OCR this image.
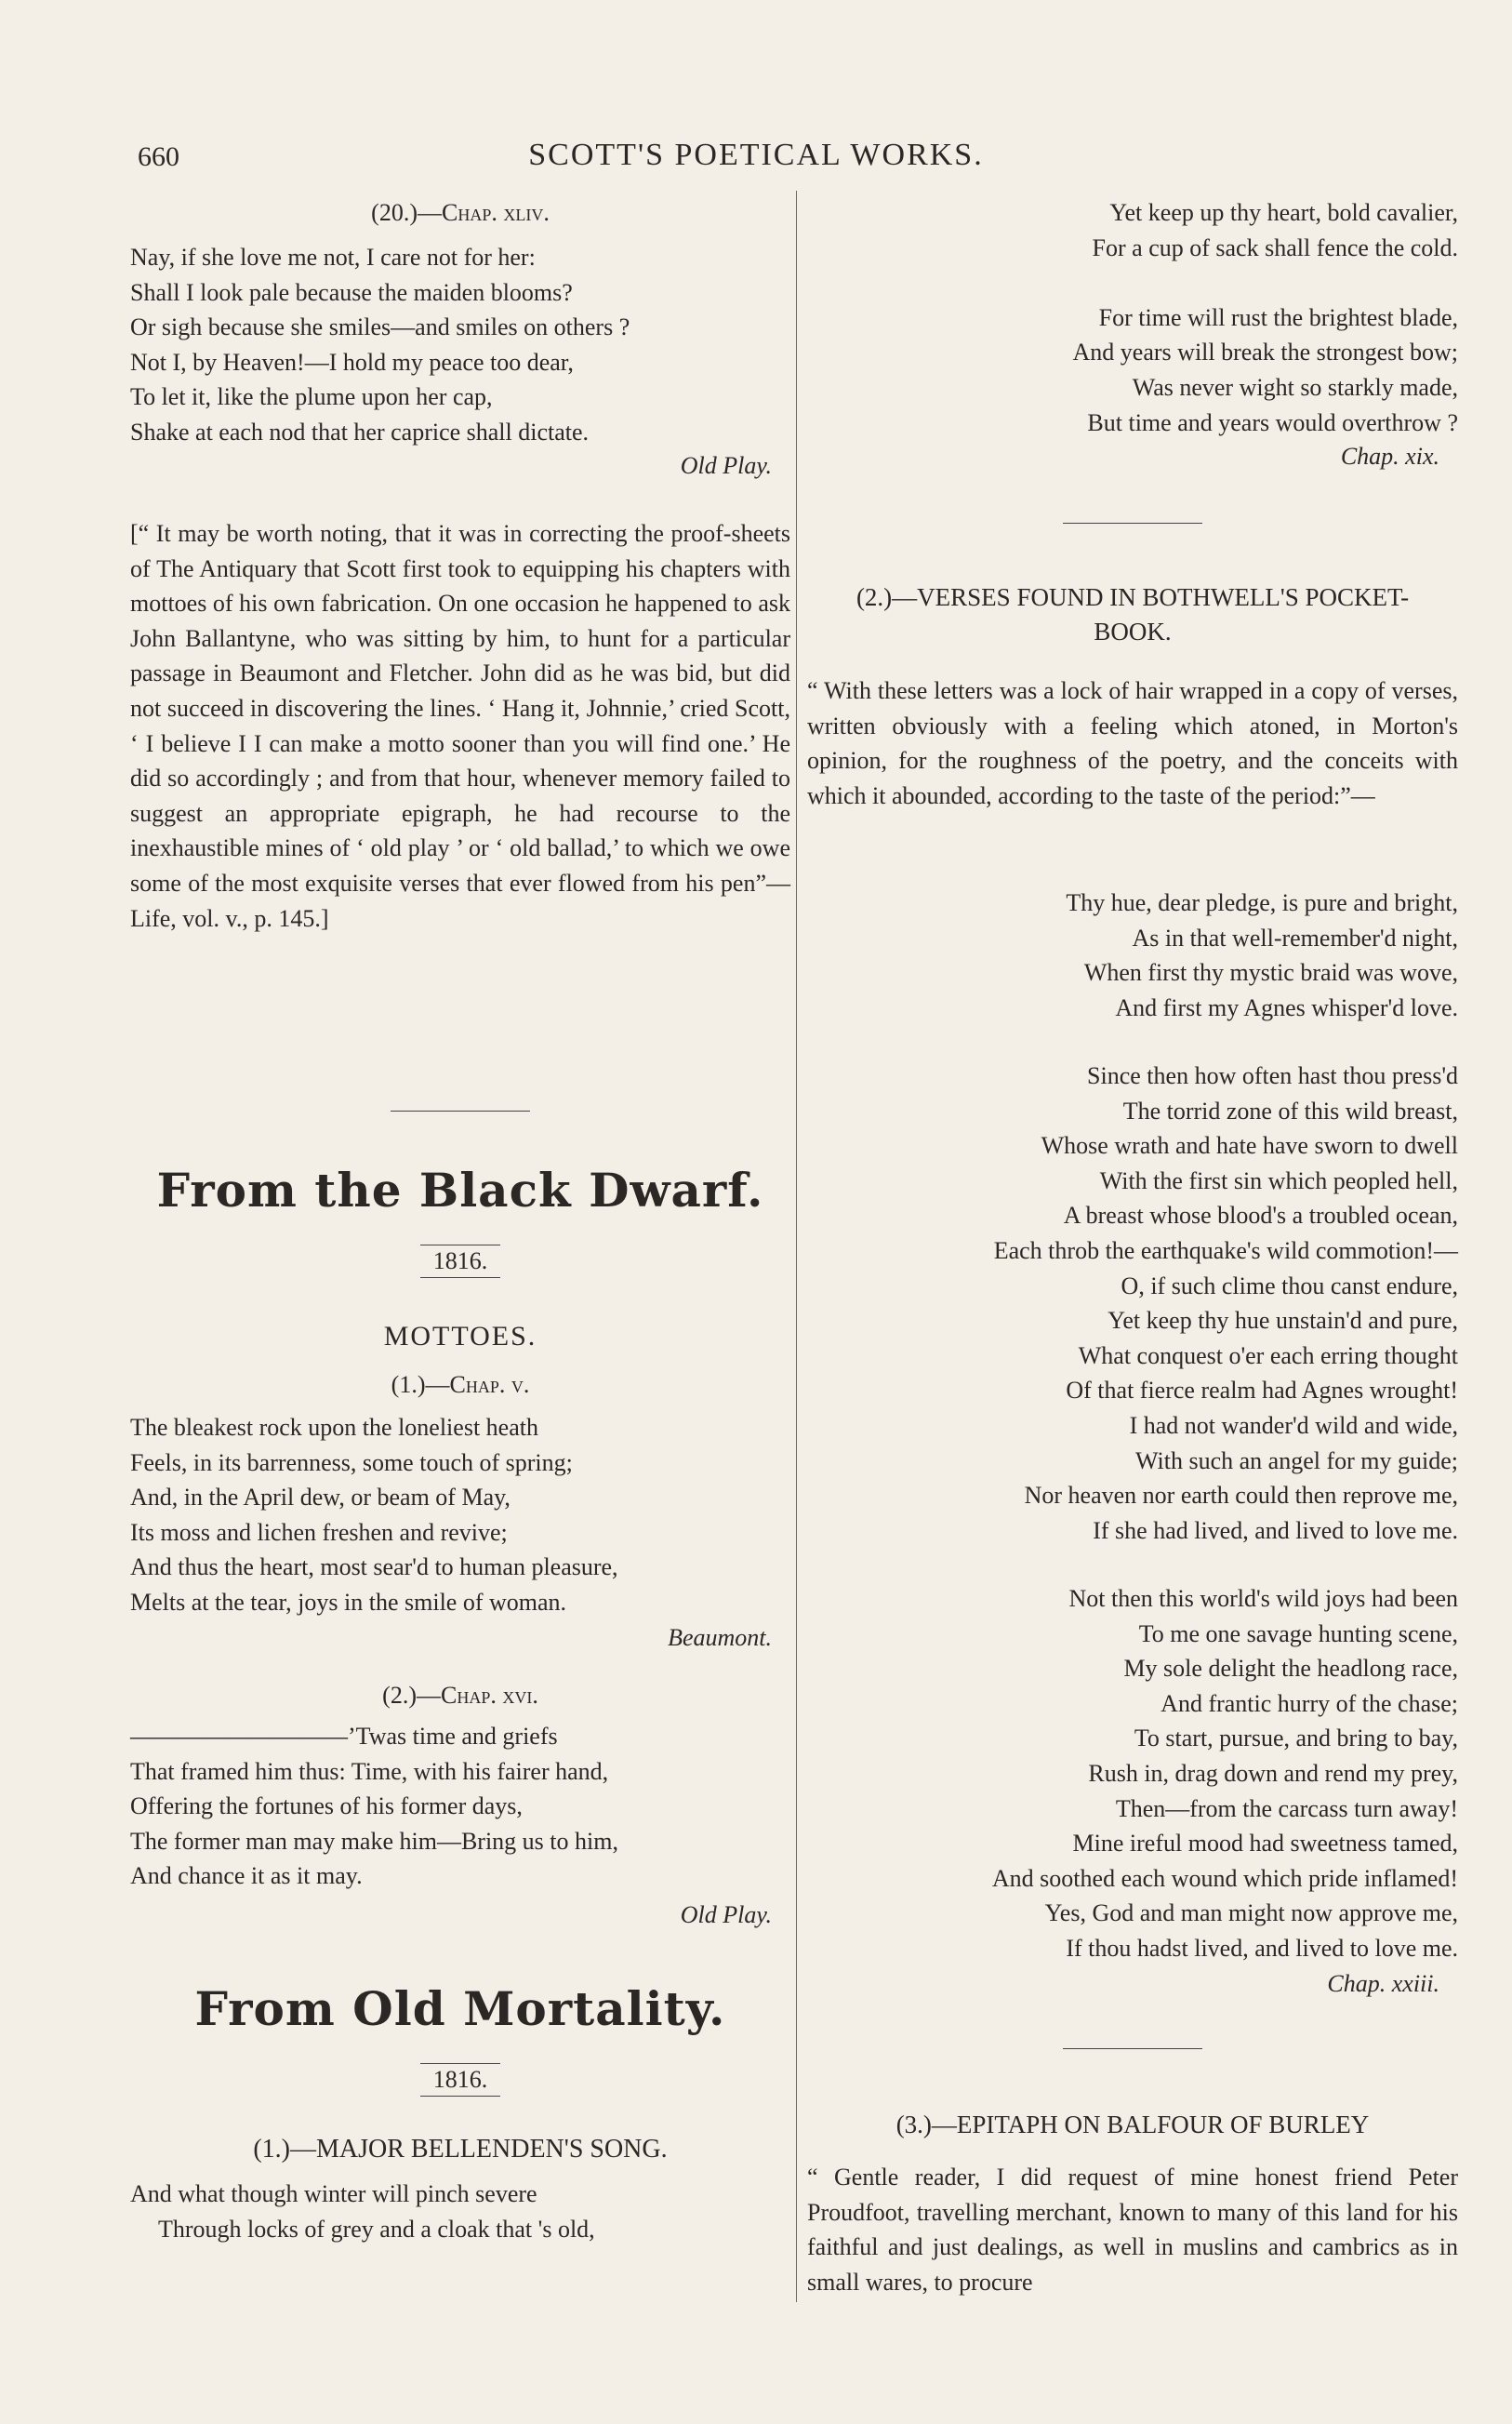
660	SCOTT'S POETICAL WORKS.
(20.)—Chap. xliv.
Nay, if she love me not, I care not for her:
Shall I look pale because the maiden blooms?
Or sigh because she smiles—and smiles on others ?
Not I, by Heaven!—I hold my peace too dear,
To let it, like the plume upon her cap,
Shake at each nod that her caprice shall dictate.
Old Play.
[“ It may be worth noting, that it was in correcting the proof-sheets of The Antiquary that Scott first took to equipping his chapters with mottoes of his own fabrication. On one occasion he happened to ask John Ballantyne, who was sitting by him, to hunt for a particular passage in Beaumont and Fletcher. John did as he was bid, but did not succeed in discovering the lines. ‘ Hang it, Johnnie,’ cried Scott, ‘ I believe I I can make a motto sooner than you will find one.’ He did so accordingly ; and from that hour, whenever memory failed to suggest an appropriate epigraph, he had recourse to the inexhaustible mines of ‘ old play ’ or ‘ old ballad,’ to which we owe some of the most exquisite verses that ever flowed from his pen”—Life, vol. v., p. 145.]
From the Black Dwarf.
1816.
MOTTOES.
(1.)—Chap. v.
The bleakest rock upon the loneliest heath
Feels, in its barrenness, some touch of spring;
And, in the April dew, or beam of May,
Its moss and lichen freshen and revive;
And thus the heart, most sear'd to human pleasure,
Melts at the tear, joys in the smile of woman.
Beaumont.
(2.)—Chap. xvi.
—————————’Twas time and griefs
That framed him thus: Time, with his fairer hand,
Offering the fortunes of his former days,
The former man may make him—Bring us to him,
And chance it as it may.
Old Play.
From Old Mortality.
1816.
(1.)—MAJOR BELLENDEN'S SONG.
And what though winter will pinch severe
Through locks of grey and a cloak that 's old,
Yet keep up thy heart, bold cavalier,
For a cup of sack shall fence the cold.
For time will rust the brightest blade,
And years will break the strongest bow;
Was never wight so starkly made,
But time and years would overthrow ?
Chap. xix.
(2.)—VERSES FOUND IN BOTHWELL'S POCKET-BOOK.
“ With these letters was a lock of hair wrapped in a copy of verses, written obviously with a feeling which atoned, in Morton's opinion, for the roughness of the poetry, and the conceits with which it abounded, according to the taste of the period:”—
Thy hue, dear pledge, is pure and bright,
As in that well-remember'd night,
When first thy mystic braid was wove,
And first my Agnes whisper'd love.
Since then how often hast thou press'd
The torrid zone of this wild breast,
Whose wrath and hate have sworn to dwell
With the first sin which peopled hell,
A breast whose blood's a troubled ocean,
Each throb the earthquake's wild commotion!—
O, if such clime thou canst endure,
Yet keep thy hue unstain'd and pure,
What conquest o'er each erring thought
Of that fierce realm had Agnes wrought!
I had not wander'd wild and wide,
With such an angel for my guide;
Nor heaven nor earth could then reprove me,
If she had lived, and lived to love me.
Not then this world's wild joys had been
To me one savage hunting scene,
My sole delight the headlong race,
And frantic hurry of the chase;
To start, pursue, and bring to bay,
Rush in, drag down and rend my prey,
Then—from the carcass turn away!
Mine ireful mood had sweetness tamed,
And soothed each wound which pride inflamed!
Yes, God and man might now approve me,
If thou hadst lived, and lived to love me.
Chap. xxiii.
(3.)—EPITAPH ON BALFOUR OF BURLEY
“ Gentle reader, I did request of mine honest friend Peter Proudfoot, travelling merchant, known to many of this land for his faithful and just dealings, as well in muslins and cambrics as in small wares, to procure
